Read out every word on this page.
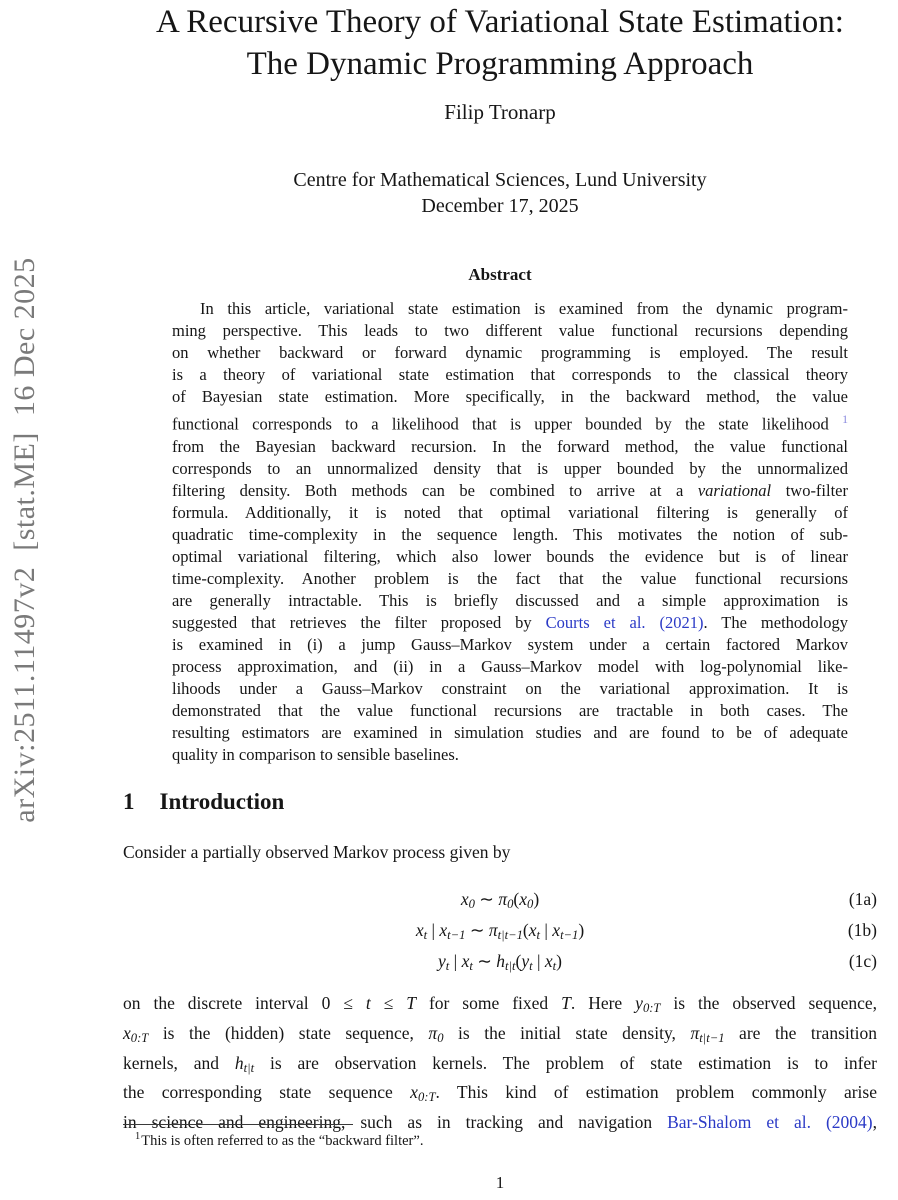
arXiv:2511.11497v2  [stat.ME]  16 Dec 2025
A Recursive Theory of Variational State Estimation:
The Dynamic Programming Approach
Filip Tronarp
Centre for Mathematical Sciences, Lund University
December 17, 2025
Abstract
In this article, variational state estimation is examined from the dynamic program-
ming perspective. This leads to two different value functional recursions depending
on whether backward or forward dynamic programming is employed. The result
is a theory of variational state estimation that corresponds to the classical theory
of Bayesian state estimation. More specifically, in the backward method, the value
functional corresponds to a likelihood that is upper bounded by the state likelihood $^1$
from the Bayesian backward recursion. In the forward method, the value functional
corresponds to an unnormalized density that is upper bounded by the unnormalized
filtering density. Both methods can be combined to arrive at a variational two-filter
formula. Additionally, it is noted that optimal variational filtering is generally of
quadratic time-complexity in the sequence length. This motivates the notion of sub-
optimal variational filtering, which also lower bounds the evidence but is of linear
time-complexity. Another problem is the fact that the value functional recursions
are generally intractable. This is briefly discussed and a simple approximation is
suggested that retrieves the filter proposed by Courts et al. (2021). The methodology
is examined in (i) a jump Gauss–Markov system under a certain factored Markov
process approximation, and (ii) in a Gauss–Markov model with log-polynomial like-
lihoods under a Gauss–Markov constraint on the variational approximation. It is
demonstrated that the value functional recursions are tractable in both cases. The
resulting estimators are examined in simulation studies and are found to be of adequate
quality in comparison to sensible baselines.
1 Introduction
Consider a partially observed Markov process given by
x0 ∼ π0(x0)	(1a)
xt | xt−1 ∼ πt|t−1(xt | xt−1)	(1b)
yt | xt ∼ ht|t(yt | xt)	(1c)
on the discrete interval 0 ≤ t ≤ T for some fixed T. Here y0:T is the observed sequence,
x0:T is the (hidden) state sequence, π0 is the initial state density, πt|t−1 are the transition
kernels, and ht|t is are observation kernels. The problem of state estimation is to infer
the corresponding state sequence x0:T. This kind of estimation problem commonly arise
in science and engineering, such as in tracking and navigation Bar-Shalom et al. (2004),
$^1$This is often referred to as the “backward filter”.
1
